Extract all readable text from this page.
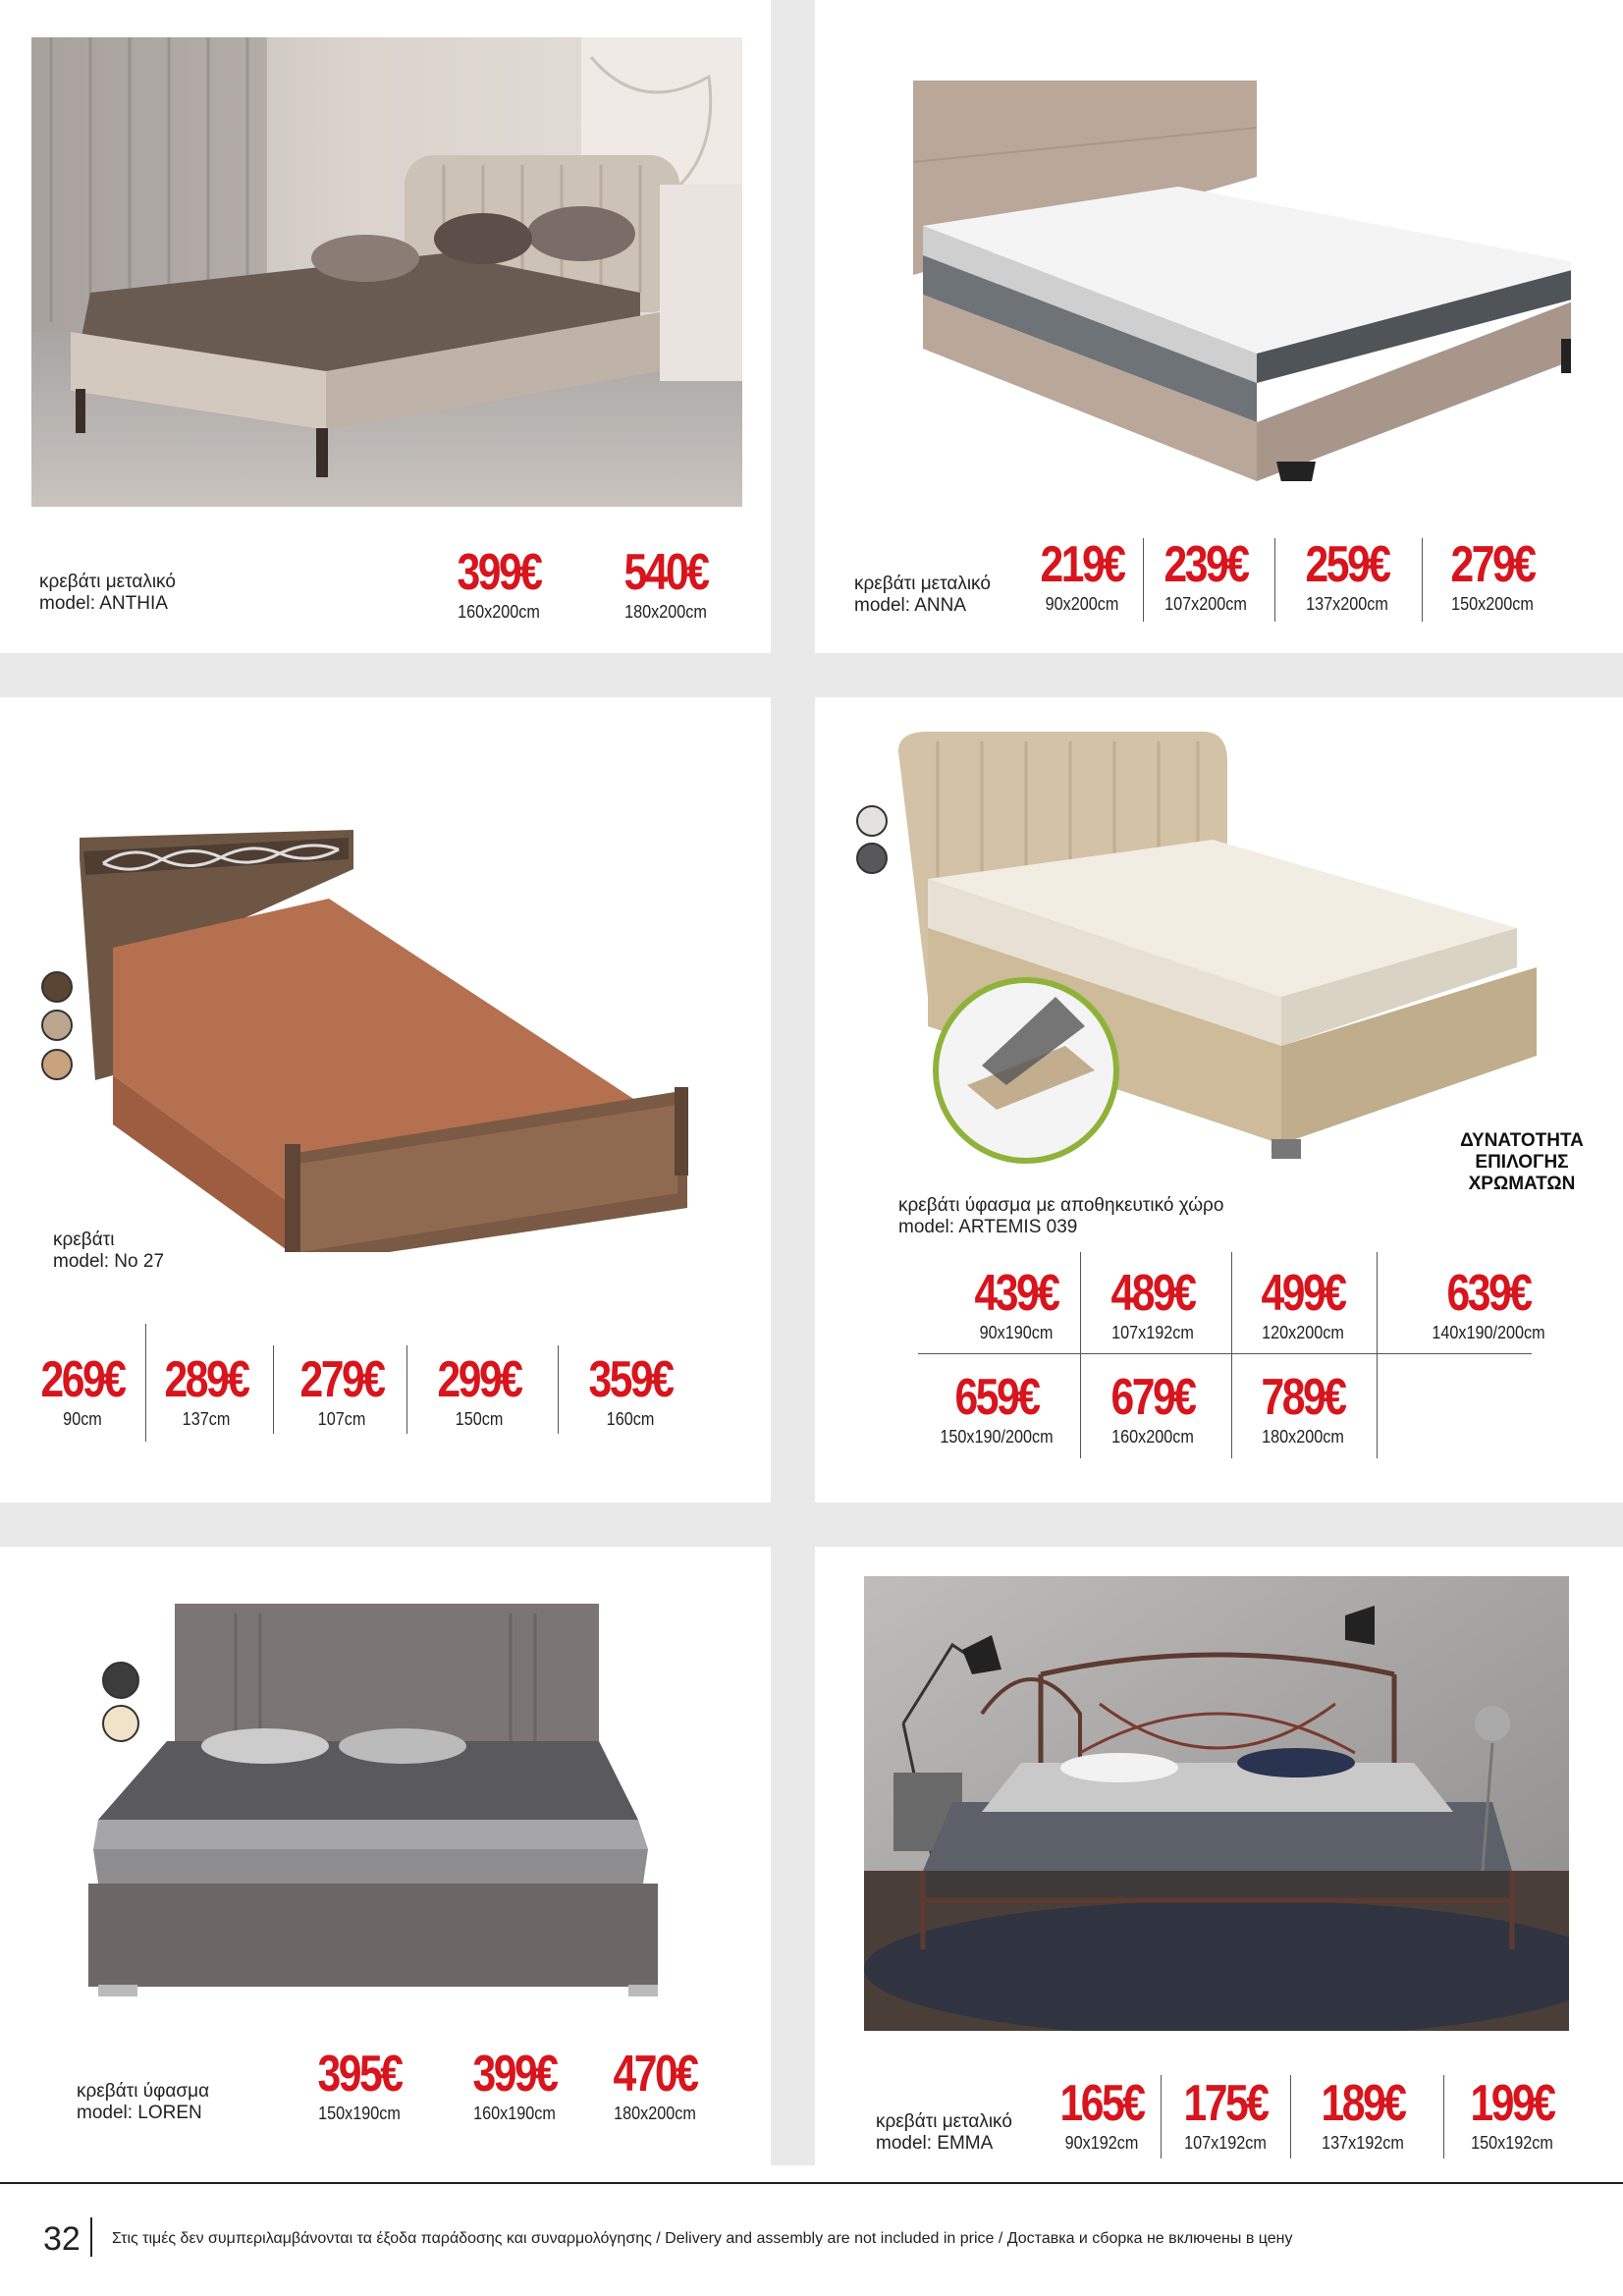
κρεβάτι μεταλικό
model: ANTHIA
399€
160x200cm
540€
180x200cm
κρεβάτι μεταλικό
model: ANNA
219€
90x200cm
239€
107x200cm
259€
137x200cm
279€
150x200cm
κρεβάτι
model: No 27
269€
90cm
289€
137cm
279€
107cm
299€
150cm
359€
160cm
ΔΥΝΑΤΟΤΗΤΑ
ΕΠΙΛΟΓΗΣ
ΧΡΩΜΑΤΩΝ
κρεβάτι ύφασμα με αποθηκευτικό χώρο
model: ARTEMIS 039
439€
90x190cm
489€
107x192cm
499€
120x200cm
639€
140x190/200cm
659€
150x190/200cm
679€
160x200cm
789€
180x200cm
κρεβάτι ύφασμα
model: LOREN
395€
150x190cm
399€
160x190cm
470€
180x200cm	κρεβάτι μεταλικό
model: EMMA
165€
90x192cm
175€
107x192cm
189€
137x192cm
199€
150x192cm
32 Στις τιμές δεν συμπεριλαμβάνονται τα έξοδα παράδοσης και συναρμολόγησης / Delivery and assembly are not included in price / Доставка и сборка не включены в цену
